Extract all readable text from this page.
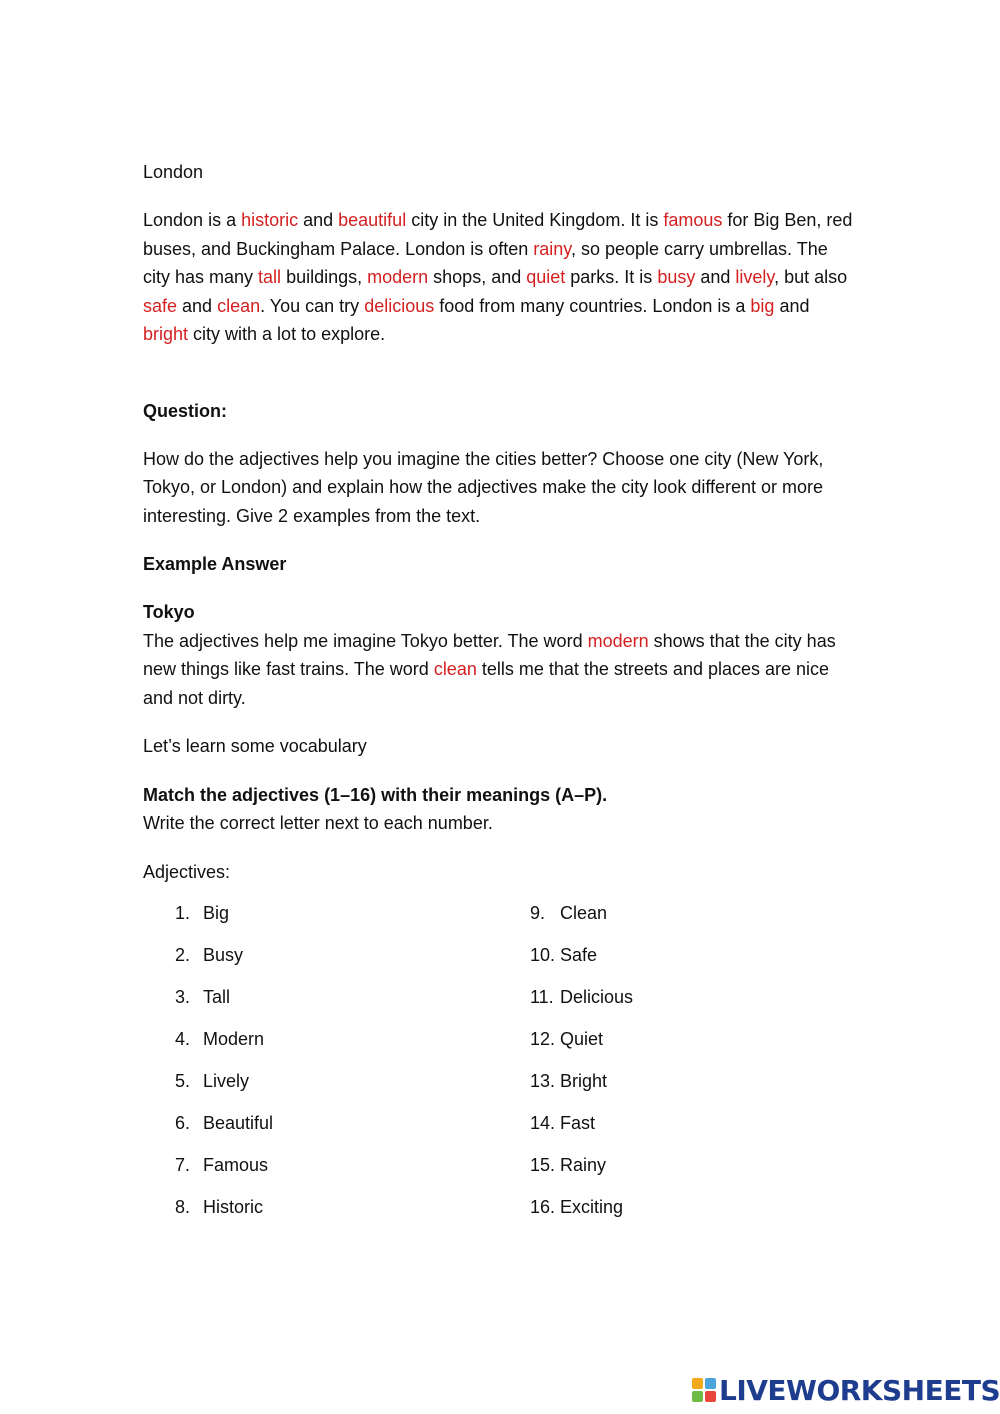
London

London is a historic and beautiful city in the United Kingdom. It is famous for Big Ben, red buses, and Buckingham Palace. London is often rainy, so people carry umbrellas. The city has many tall buildings, modern shops, and quiet parks. It is busy and lively, but also safe and clean. You can try delicious food from many countries. London is a big and bright city with a lot to explore.

Question:

How do the adjectives help you imagine the cities better? Choose one city (New York, Tokyo, or London) and explain how the adjectives make the city look different or more interesting. Give 2 examples from the text.

Example Answer

Tokyo

The adjectives help me imagine Tokyo better. The word modern shows that the city has new things like fast trains. The word clean tells me that the streets and places are nice and not dirty.

Let’s learn some vocabulary

Match the adjectives (1–16) with their meanings (A–P).

Write the correct letter next to each number.

Adjectives:

1. Big
2. Busy
3. Tall
4. Modern
5. Lively
6. Beautiful
7. Famous
8. Historic
9. Clean
10. Safe
11. Delicious
12. Quiet
13. Bright
14. Fast
15. Rainy
16. Exciting
LIVEWORKSHEETS
